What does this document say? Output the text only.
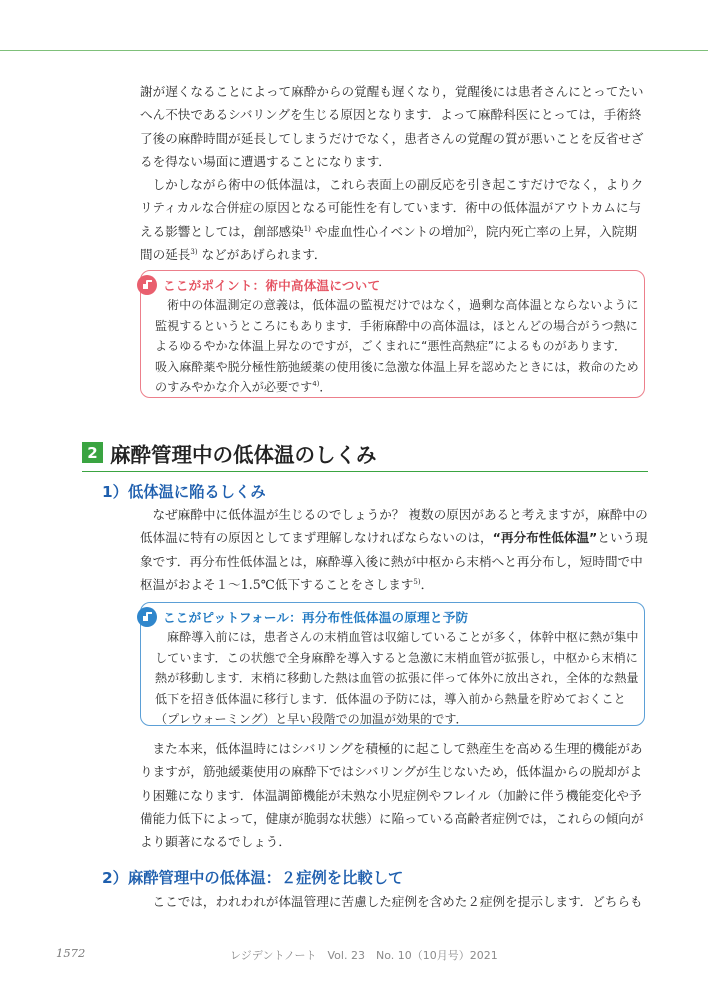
謝が遅くなることによって麻酔からの覚醒も遅くなり，覚醒後には患者さんにとってたい
へん不快であるシバリングを生じる原因となります．よって麻酔科医にとっては，手術終
了後の麻酔時間が延長してしまうだけでなく，患者さんの覚醒の質が悪いことを反省せざ
るを得ない場面に遭遇することになります．

しかしながら術中の低体温は，これら表面上の副反応を引き起こすだけでなく，よりク
リティカルな合併症の原因となる可能性を有しています．術中の低体温がアウトカムに与
える影響としては，創部感染$^{1)}$ や虚血性心イベントの増加$^{2)}$，院内死亡率の上昇，入院期
間の延長$^{3)}$ などがあげられます．

ここがポイント：術中高体温について
術中の体温測定の意義は，低体温の監視だけではなく，過剰な高体温とならないように
監視するというところにもあります．手術麻酔中の高体温は，ほとんどの場合がうつ熱に
よるゆるやかな体温上昇なのですが，ごくまれに“悪性高熱症”によるものがあります．
吸入麻酔薬や脱分極性筋弛緩薬の使用後に急激な体温上昇を認めたときには，救命のため
のすみやかな介入が必要です$^{4)}$．
2 麻酔管理中の低体温のしくみ
1）低体温に陥るしくみ

なぜ麻酔中に低体温が生じるのでしょうか？ 複数の原因があると考えますが，麻酔中の
低体温に特有の原因としてまず理解しなければならないのは，“再分布性低体温”という現
象です．再分布性低体温とは，麻酔導入後に熱が中枢から末梢へと再分布し，短時間で中
枢温がおよそ１〜1.5℃低下することをさします$^{5)}$．

ここがピットフォール：再分布性低体温の原理と予防
麻酔導入前には，患者さんの末梢血管は収縮していることが多く，体幹中枢に熱が集中
しています．この状態で全身麻酔を導入すると急激に末梢血管が拡張し，中枢から末梢に
熱が移動します．末梢に移動した熱は血管の拡張に伴って体外に放出され，全体的な熱量
低下を招き低体温に移行します．低体温の予防には，導入前から熱量を貯めておくこと
（プレウォーミング）と早い段階での加温が効果的です．

また本来，低体温時にはシバリングを積極的に起こして熱産生を高める生理的機能があ
りますが，筋弛緩薬使用の麻酔下ではシバリングが生じないため，低体温からの脱却がよ
り困難になります．体温調節機能が未熟な小児症例やフレイル（加齢に伴う機能変化や予
備能力低下によって，健康が脆弱な状態）に陥っている高齢者症例では，これらの傾向が
より顕著になるでしょう．

2）麻酔管理中の低体温：２症例を比較して

ここでは，われわれが体温管理に苦慮した症例を含めた２症例を提示します．どちらも

1572	レジデントノート　Vol. 23　No. 10（10月号）2021
